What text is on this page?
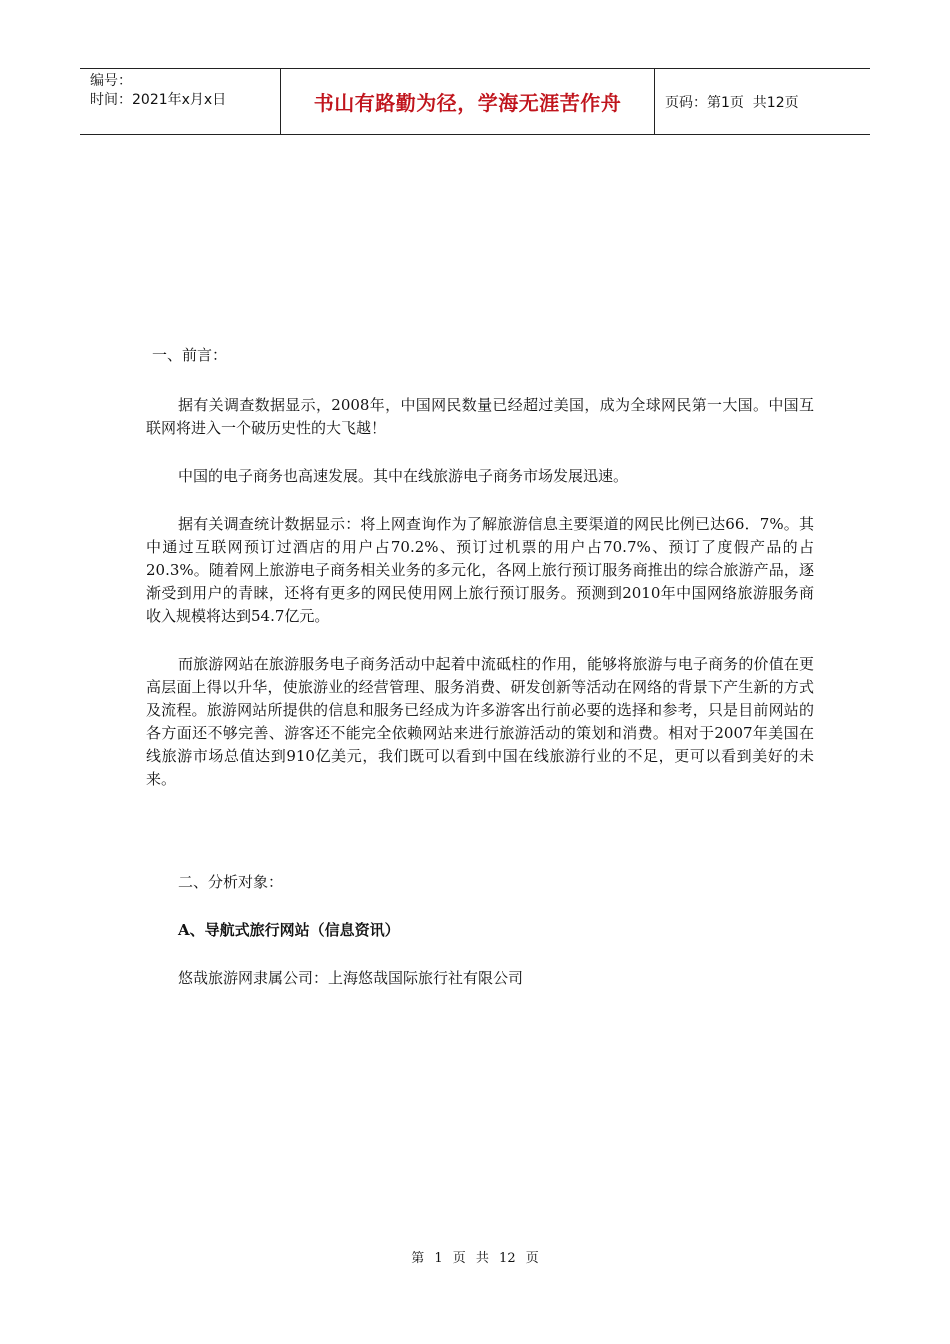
编号：
时间：2021年x月x日	书山有路勤为径，学海无涯苦作舟	页码：第1页  共12页

一、前言：

据有关调查数据显示，2008年，中国网民数量已经超过美国，成为全球网民第一大国。中国互联网将进入一个破历史性的大飞越！

中国的电子商务也高速发展。其中在线旅游电子商务市场发展迅速。

据有关调查统计数据显示：将上网查询作为了解旅游信息主要渠道的网民比例已达66．7%。其中通过互联网预订过酒店的用户占70.2%、预订过机票的用户占70.7%、预订了度假产品的占20.3%。随着网上旅游电子商务相关业务的多元化，各网上旅行预订服务商推出的综合旅游产品，逐渐受到用户的青睐，还将有更多的网民使用网上旅行预订服务。预测到2010年中国网络旅游服务商收入规模将达到54.7亿元。

而旅游网站在旅游服务电子商务活动中起着中流砥柱的作用，能够将旅游与电子商务的价值在更高层面上得以升华，使旅游业的经营管理、服务消费、研发创新等活动在网络的背景下产生新的方式及流程。旅游网站所提供的信息和服务已经成为许多游客出行前必要的选择和参考，只是目前网站的各方面还不够完善、游客还不能完全依赖网站来进行旅游活动的策划和消费。相对于2007年美国在线旅游市场总值达到910亿美元，我们既可以看到中国在线旅游行业的不足，更可以看到美好的未来。

二、分析对象：

A、导航式旅行网站（信息资讯）

悠哉旅游网隶属公司：上海悠哉国际旅行社有限公司

第 1 页 共 12 页
